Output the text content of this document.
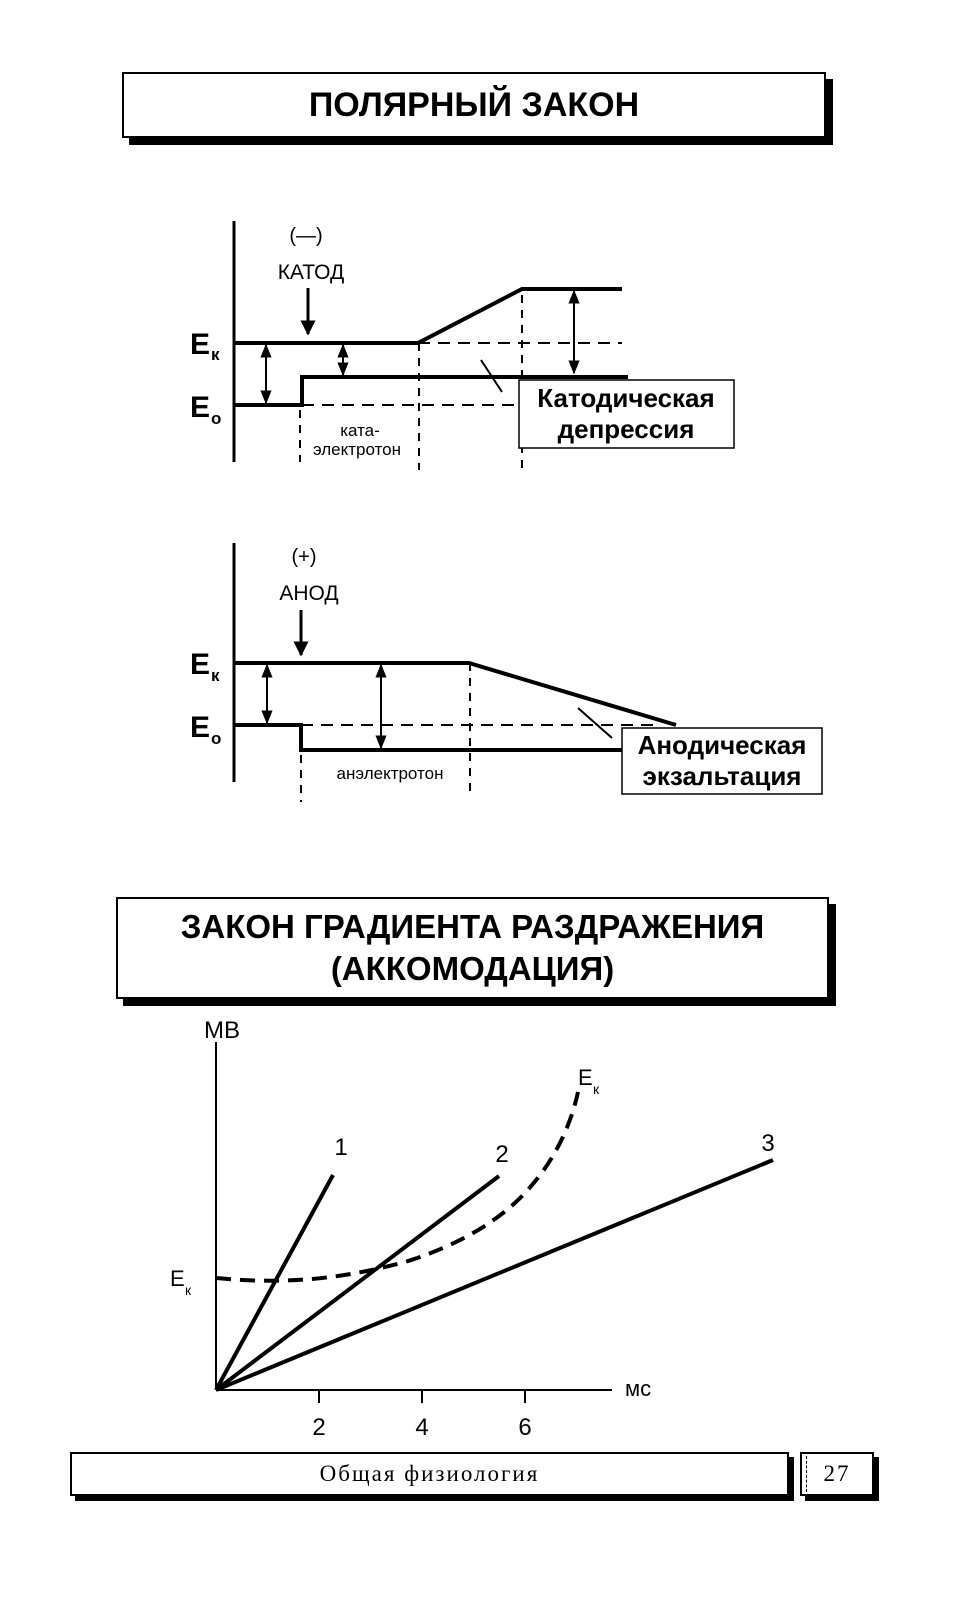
ПОЛЯРНЫЙ ЗАКОН
(—)
КАТОД
E к
E о
ката-
электротон
Катодическая
депрессия
(+)
АНОД
E к
E о
анэлектротон
Анодическая
экзальтация
МВ
мс
2	4	6
E к
E к
1	2	3
ЗАКОН ГРАДИЕНТА РАЗДРАЖЕНИЯ
(АККОМОДАЦИЯ)
Общая физиология	27
